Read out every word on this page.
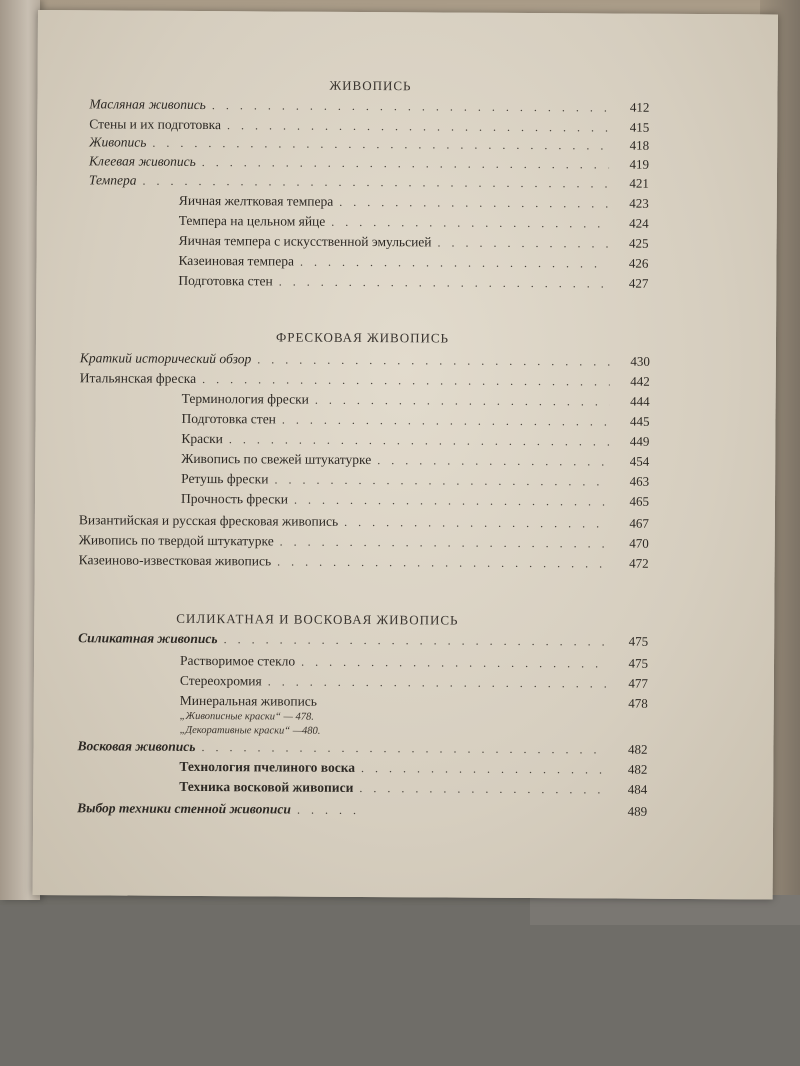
ЖИВОПИСЬ
Масляная живопись . . .	412
Стены и их подготовка . . .	415
Живопись . . .	418
Клеевая живопись . . .	419
Темпера . . .	421
Яичная желтковая темпера . . .	423
Темпера на цельном яйце . . .	424
Яичная темпера с искусственной эмульсией . . .	425
Казеиновая темпера . . .	426
Подготовка стен . . .	427
ФРЕСКОВАЯ ЖИВОПИСЬ
Краткий исторический обзор . . .	430
Итальянская фреска . . .	442
Терминология фрески . . .	444
Подготовка стен . . .	445
Краски . . .	449
Живопись по свежей штукатурке . . .	454
Ретушь фрески . . .	463
Прочность фрески . . .	465
Византийская и русская фресковая живопись . . .	467
Живопись по твердой штукатурке . . .	470
Казеиново-известковая живопись . . .	472
СИЛИКАТНАЯ И ВОСКОВАЯ ЖИВОПИСЬ
Силикатная живопись . . .	475
Растворимое стекло . . .	475
Стереохромия . . .	477
Минеральная живопись	478
„Живописные краски“ — 478.
„Декоративные краски“ —480.
Восковая живопись . . .	482
Технология пчелиного воска . . .	482
Техника восковой живописи . . .	484
Выбор техники стенной живописи . . .	489
